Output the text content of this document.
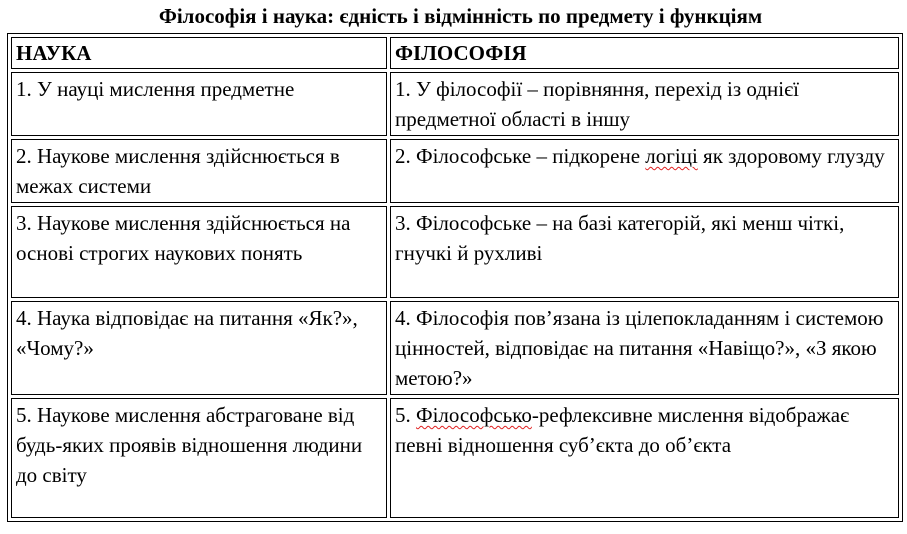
Філософія і наука: єдність і відмінність по предмету і функціям
НАУКА	ФІЛОСОФІЯ
1. У науці мислення предметне	1. У філософії – порівняння, перехід із однієї предметної області в іншу
2. Наукове мислення здійснюється в межах системи	2. Філософське – підкорене логіці як здоровому глузду
3. Наукове мислення здійснюється на основі строгих наукових понять	3. Філософське – на базі категорій, які менш чіткі, гнучкі й рухливі
4. Наука відповідає на питання «Як?», «Чому?»	4. Філософія пов’язана із цілепокладанням і системою цінностей, відповідає на питання «Навіщо?», «З якою метою?»
5. Наукове мислення абстраговане від будь-яких проявів відношення людини до світу	5. Філософсько-рефлексивне мислення відображає певні відношення суб’єкта до об’єкта
